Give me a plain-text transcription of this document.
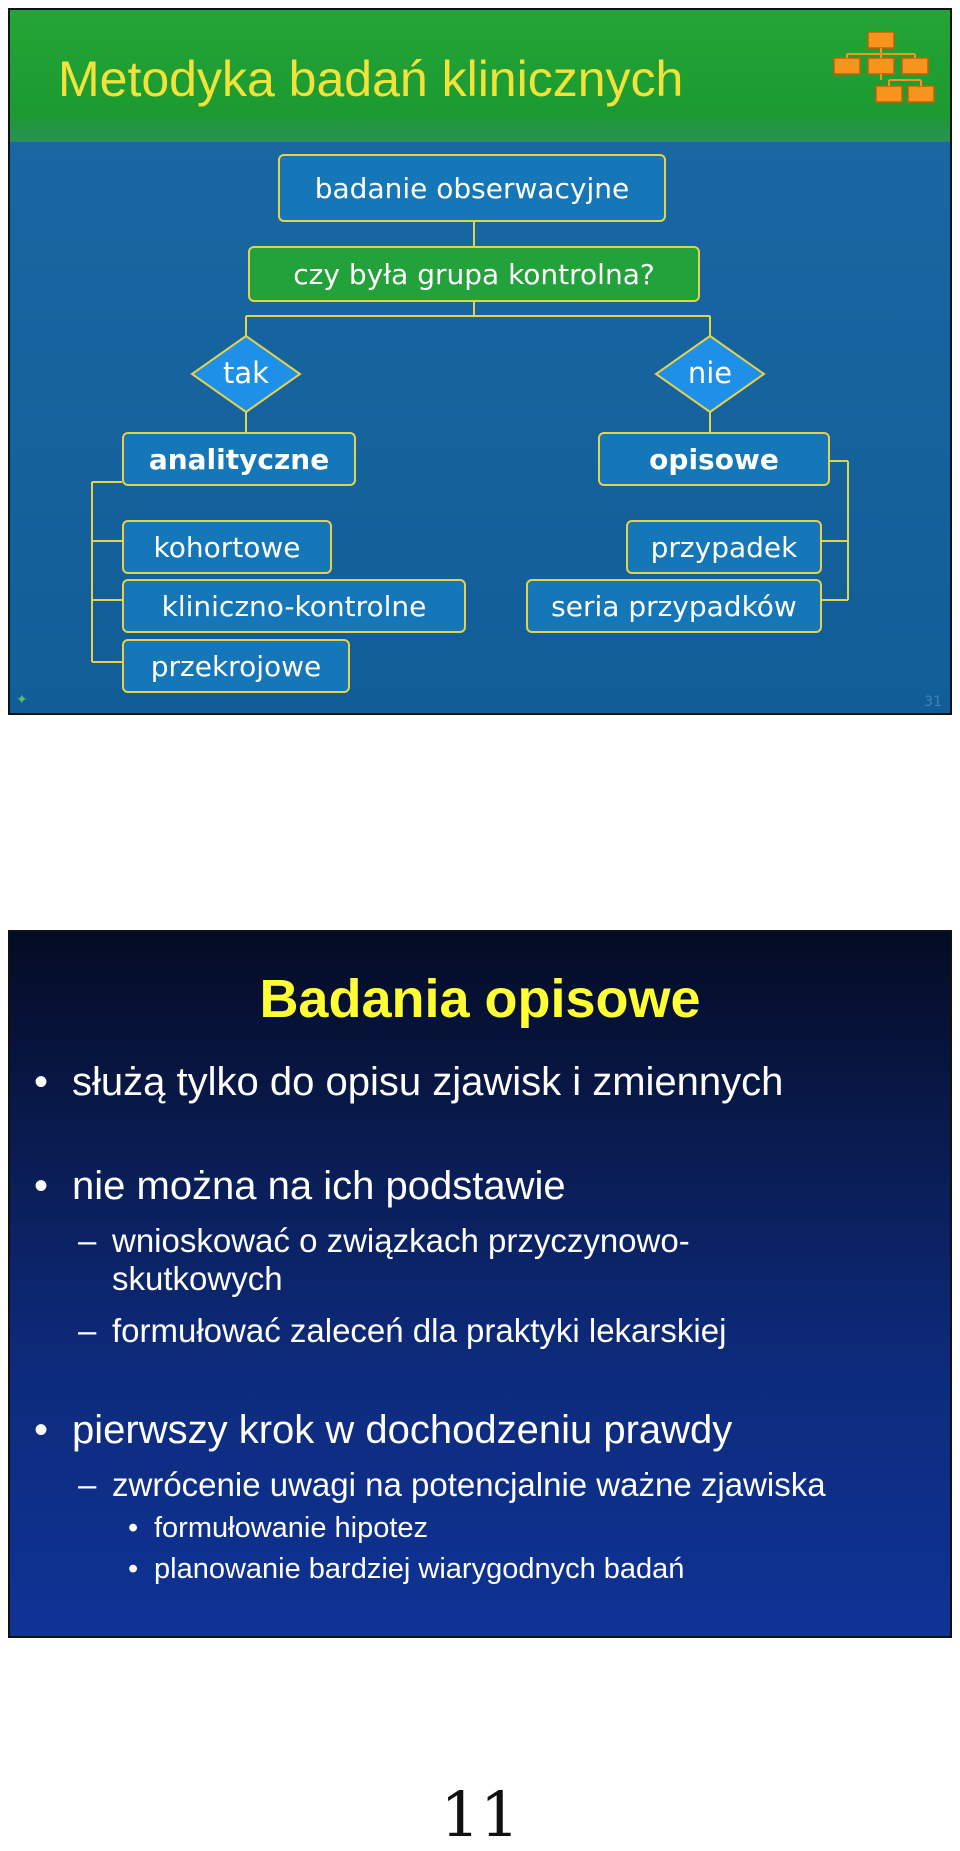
Metodyka badań klinicznych
badanie obserwacyjne
czy była grupa kontrolna?
tak	nie
analityczne	opisowe
kohortowe
kliniczno-kontrolne
przekrojowe
przypadek
seria przypadków
✦	31
Badania opisowe
• służą tylko do opisu zjawisk i zmiennych
• nie można na ich podstawie
– wnioskować o związkach przyczynowo-
skutkowych
– formułować zaleceń dla praktyki lekarskiej
• pierwszy krok w dochodzeniu prawdy
– zwrócenie uwagi na potencjalnie ważne zjawiska
• formułowanie hipotez
• planowanie bardziej wiarygodnych badań
11
